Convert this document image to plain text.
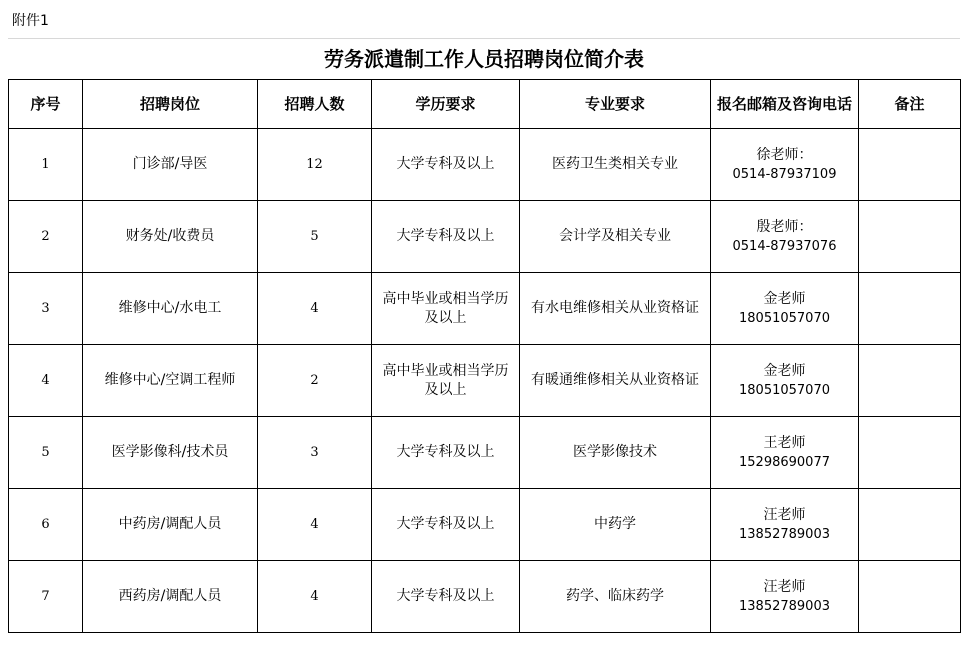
附件1
劳务派遣制工作人员招聘岗位简介表
序号	招聘岗位	招聘人数	学历要求	专业要求	报名邮箱及咨询电话	备注
1	门诊部/导医	12	大学专科及以上	医药卫生类相关专业	徐老师：
0514-87937109	

2	财务处/收费员	5	大学专科及以上	会计学及相关专业	殷老师：
0514-87937076	

3	维修中心/水电工	4	高中毕业或相当学历及以上	有水电维修相关从业资格证	金老师
18051057070	

4	维修中心/空调工程师	2	高中毕业或相当学历及以上	有暖通维修相关从业资格证	金老师
18051057070	

5	医学影像科/技术员	3	大学专科及以上	医学影像技术	王老师
15298690077	

6	中药房/调配人员	4	大学专科及以上	中药学	汪老师
13852789003	

7	西药房/调配人员	4	大学专科及以上	药学、临床药学	汪老师
13852789003	
